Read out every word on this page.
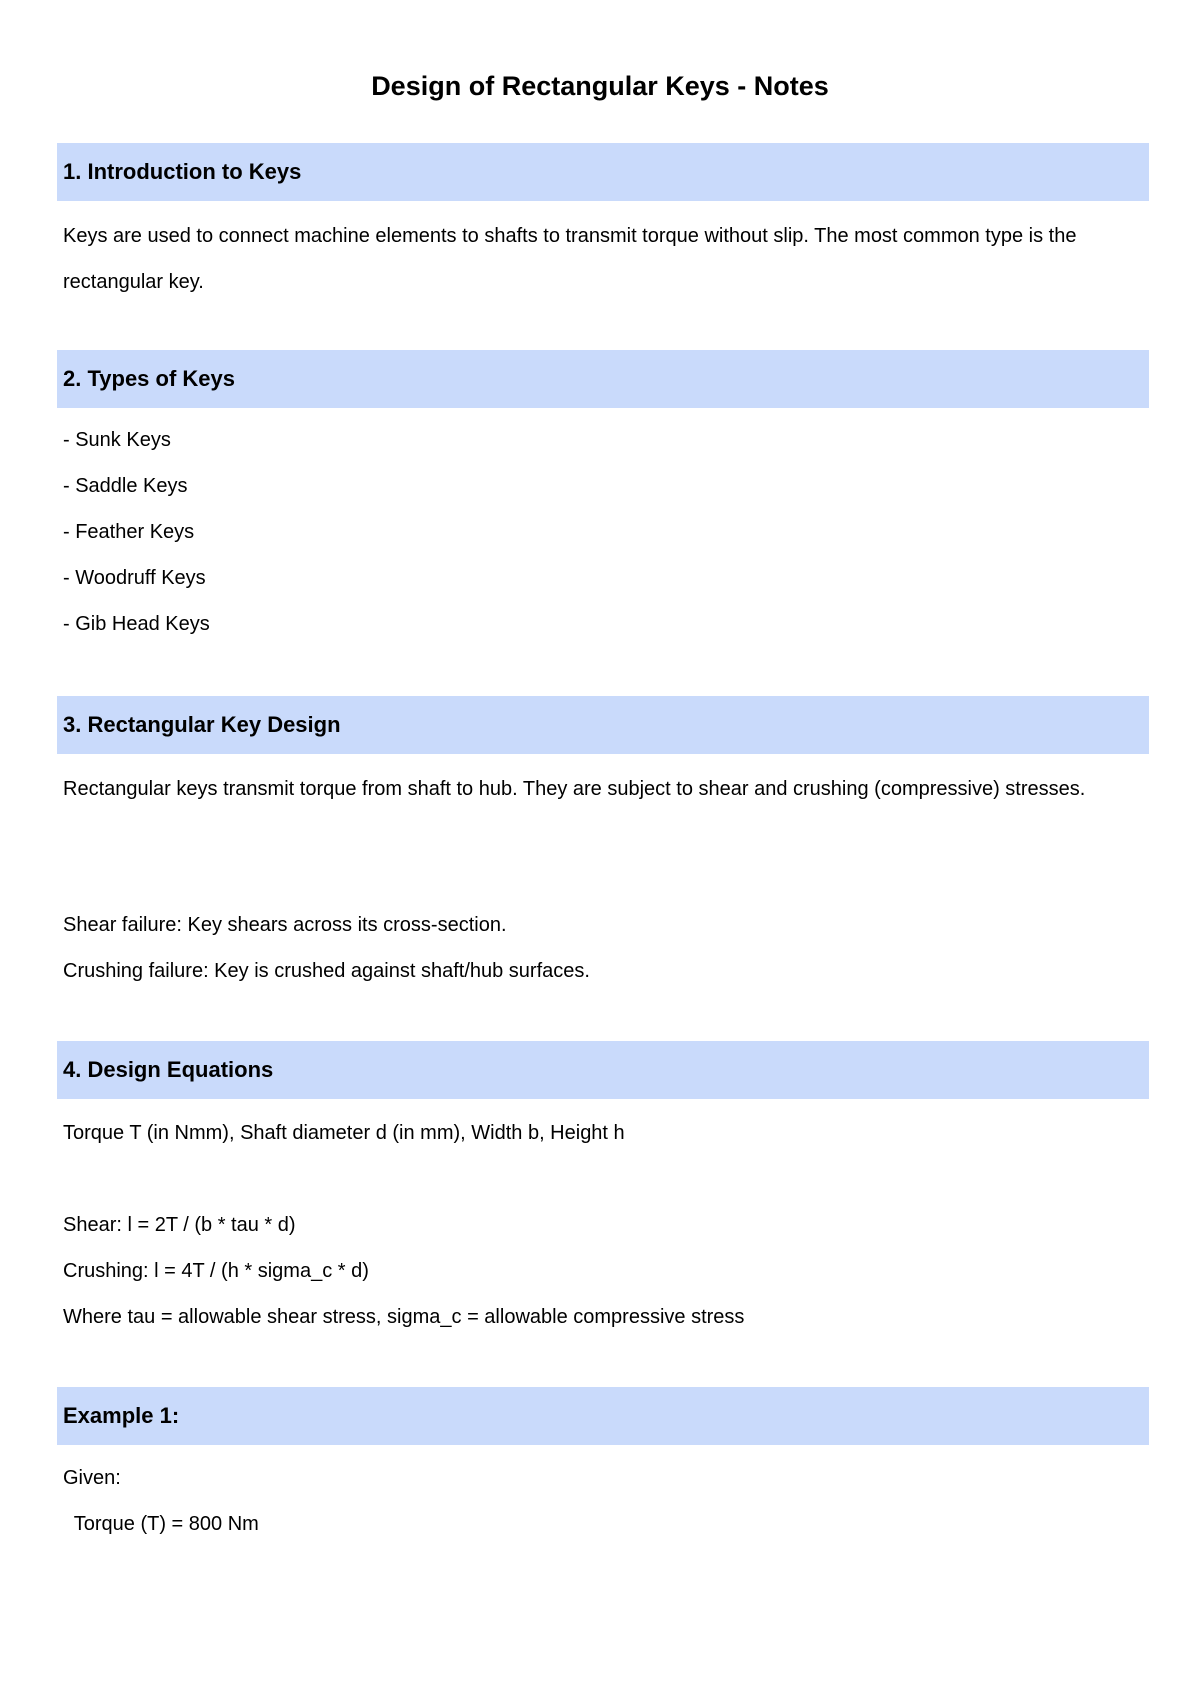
Design of Rectangular Keys - Notes
1. Introduction to Keys

Keys are used to connect machine elements to shafts to transmit torque without slip. The most common type is the rectangular key.

2. Types of Keys

- Sunk Keys

- Saddle Keys

- Feather Keys

- Woodruff Keys

- Gib Head Keys

3. Rectangular Key Design

Rectangular keys transmit torque from shaft to hub. They are subject to shear and crushing (compressive) stresses.

Shear failure: Key shears across its cross-section.

Crushing failure: Key is crushed against shaft/hub surfaces.

4. Design Equations

Torque T (in Nmm), Shaft diameter d (in mm), Width b, Height h

Shear: l = 2T / (b * tau * d)

Crushing: l = 4T / (h * sigma_c * d)

Where tau = allowable shear stress, sigma_c = allowable compressive stress

Example 1:

Given:

Torque (T) = 800 Nm
